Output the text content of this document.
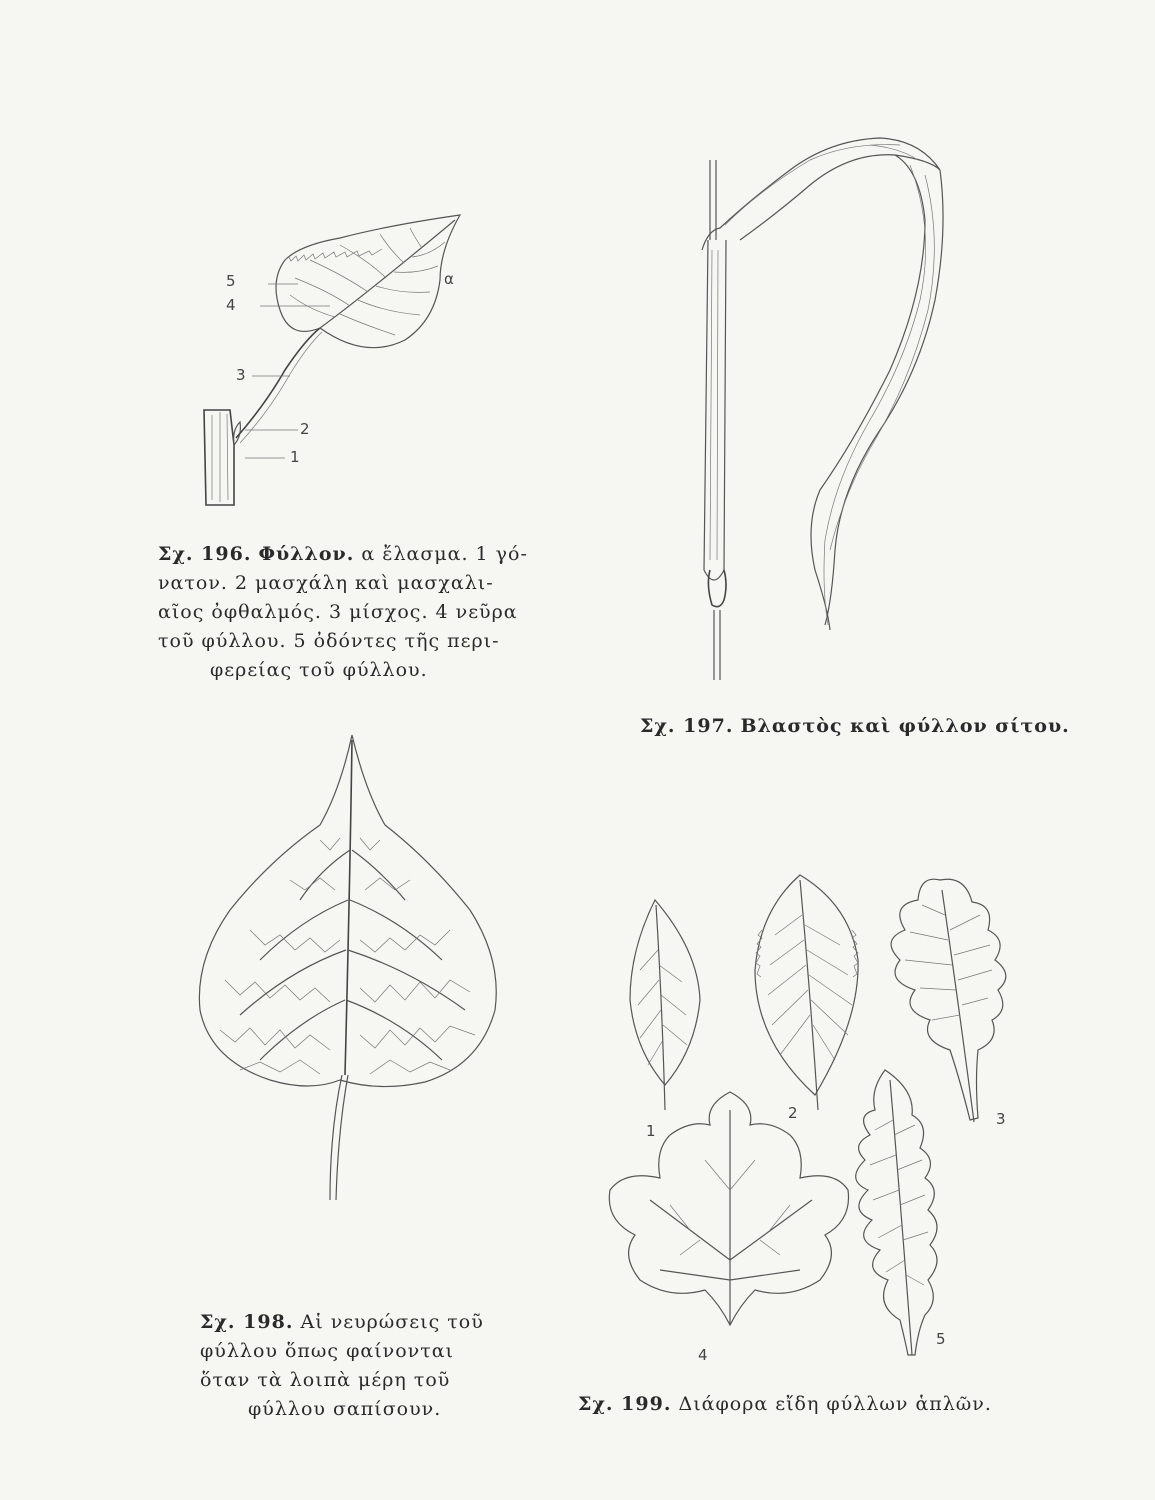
α
5
4
3
2
1
Σχ. 196. Φύλλον. α ἔλασμα. 1 γό-
νατον. 2 μασχάλη καὶ μασχαλι-
αῖος ὀφθαλμός. 3 μίσχος. 4 νεῦρα
τοῦ φύλλου. 5 ὀδόντες τῆς περι-
φερείας τοῦ φύλλου.
Σχ. 197. Βλαστὸς καὶ φύλλον σίτου.
Σχ. 198. Αἱ νευρώσεις τοῦ
φύλλου ὅπως φαίνονται
ὅταν τὰ λοιπὰ μέρη τοῦ
φύλλου σαπίσουν.
1
2	3
4
5
Σχ. 199. Διάφορα εἴδη φύλλων ἁπλῶν.
